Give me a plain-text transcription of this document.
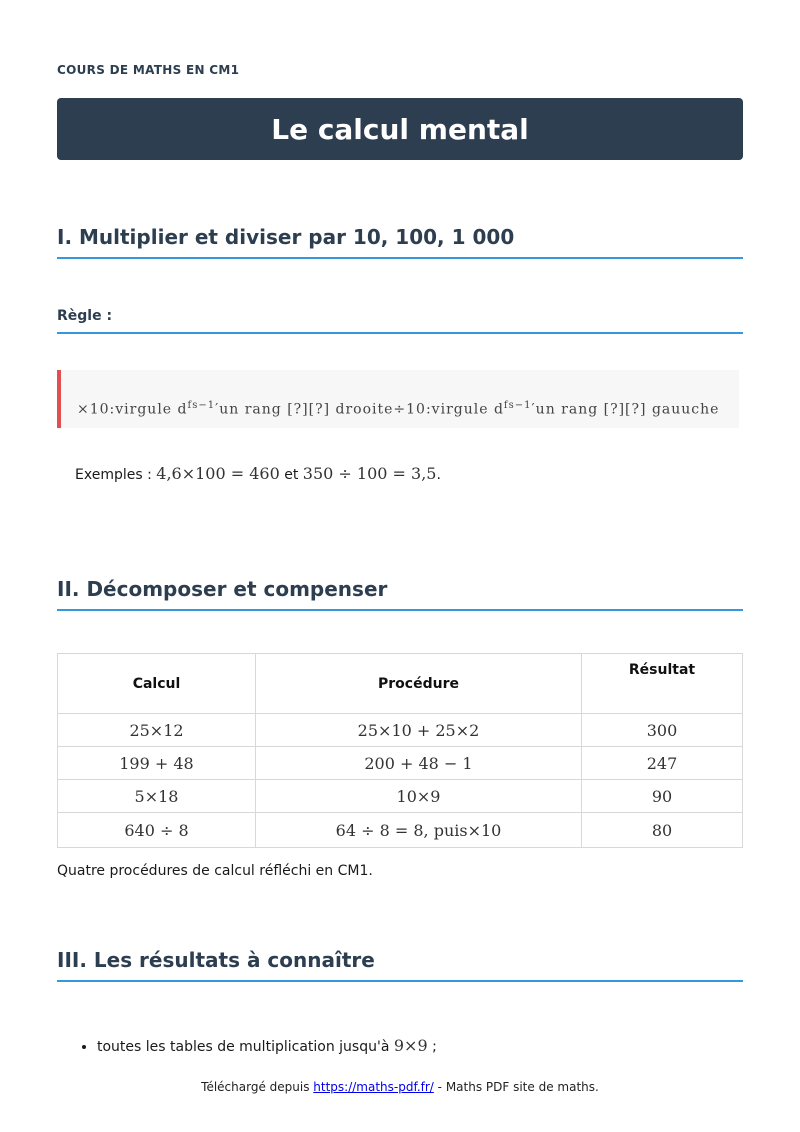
COURS DE MATHS EN CM1
Le calcul mental
I. Multiplier et diviser par 10, 100, 1 000
Règle :
×10:virgule $d^{fs-1}'un$ rang [?][?] drooite÷10:virgule $d^{fs-1}'un$ rang [?][?] gauuche
Exemples : 4,6×100 = 460 et 350 ÷ 100 = 3,5.
II. Décomposer et compenser
Calcul	Procédure	Résultat
25×12	25×10 + 25×2	300
199 + 48	200 + 48 − 1	247
5×18	10×9	90
640 ÷ 8	64 ÷ 8 = 8, puis×10	80
Quatre procédures de calcul réfléchi en CM1.
III. Les résultats à connaître
• toutes les tables de multiplication jusqu'à 9×9 ;
Téléchargé depuis https://maths-pdf.fr/ - Maths PDF site de maths.
